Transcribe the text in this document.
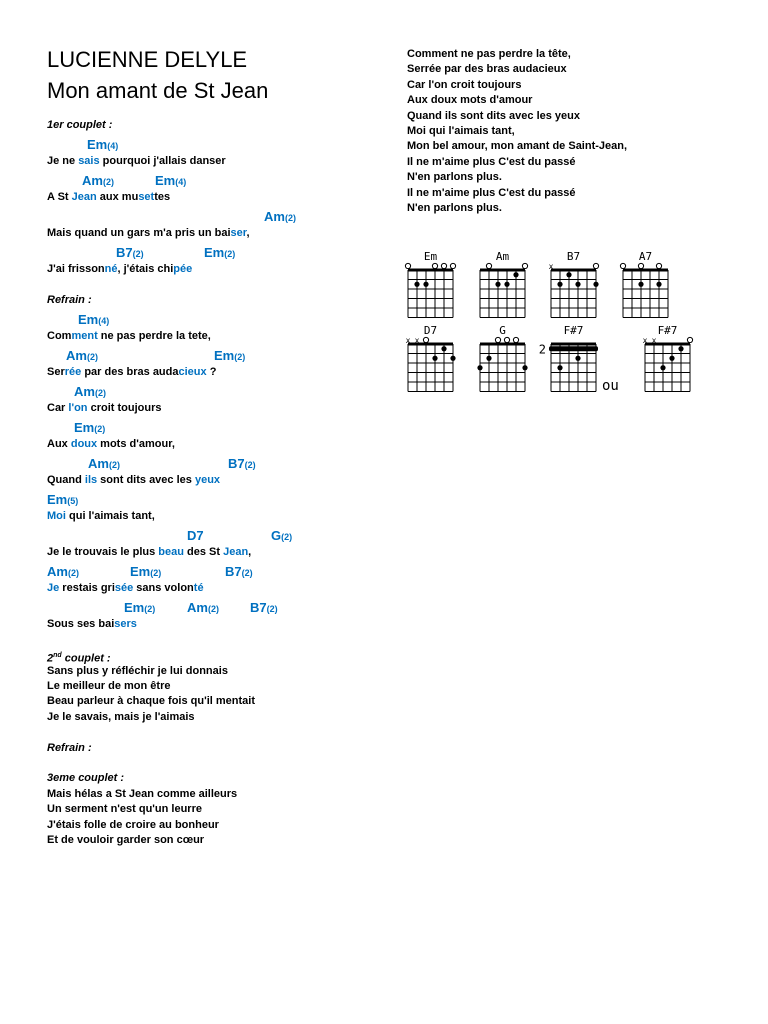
LUCIENNE DELYLE
Mon amant de St Jean
1er couplet :
Em(4)
Je ne sais pourquoi j'allais danser
Am(2)	Em(4)
A St Jean aux musettes
Am(2)
Mais quand un gars m'a pris un baiser,
B7(2)	Em(2)
J'ai frissonné, j'étais chipée
Refrain :
Em(4)
Comment ne pas perdre la tete,
Am(2)	Em(2)
Serrée par des bras audacieux ?
Am(2)
Car l'on croit toujours
Em(2)
Aux doux mots d'amour,
Am(2)	B7(2)
Quand ils sont dits avec les yeux
Em(5)
Moi qui l'aimais tant,
D7	G(2)
Je le trouvais le plus beau des St Jean,
Am(2)	Em(2)	B7(2)
Je restais grisée sans volonté
Em(2) Am(2) B7(2)
Sous ses baisers
2nd couplet :
Sans plus y réfléchir je lui donnais
Le meilleur de mon être
Beau parleur à chaque fois qu'il mentait
Je le savais, mais je l'aimais
Refrain :
3eme couplet :
Mais hélas a St Jean comme ailleurs
Un serment n'est qu'un leurre
J'étais folle de croire au bonheur
Et de vouloir garder son cœur
Comment ne pas perdre la tête,
Serrée par des bras audacieux
Car l'on croit toujours
Aux doux mots d'amour
Quand ils sont dits avec les yeux
Moi qui l'aimais tant,
Mon bel amour, mon amant de Saint-Jean,
Il ne m'aime plus C'est du passé
N'en parlons plus.
Il ne m'aime plus C'est du passé
N'en parlons plus.
Em	Am	B7
x
A7
D7
x x
G	F#7
2
F#7
x x
ou
